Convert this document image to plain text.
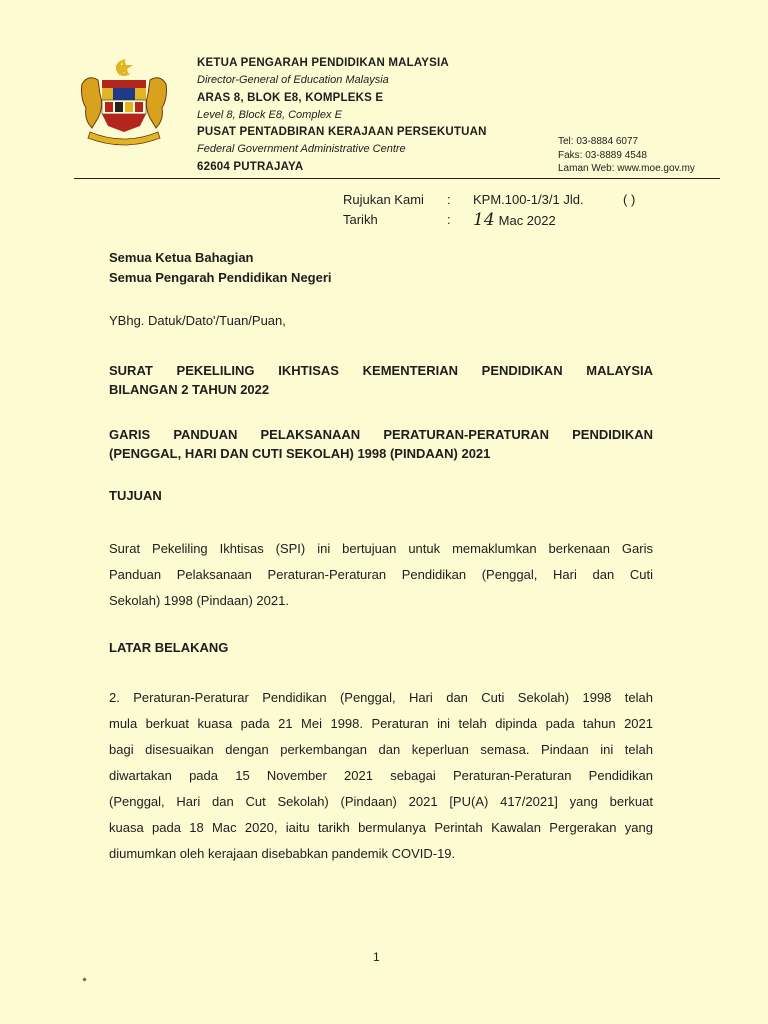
KETUA PENGARAH PENDIDIKAN MALAYSIA
Director-General of Education Malaysia
ARAS 8, BLOK E8, KOMPLEKS E
Level 8, Block E8, Complex E
PUSAT PENTADBIRAN KERAJAAN PERSEKUTUAN
Federal Government Administrative Centre
62604 PUTRAJAYA
Tel: 03-8884 6077
Faks: 03-8889 4548
Laman Web: www.moe.gov.my
Rujukan Kami : KPM.100-1/3/1 Jld.	( )
Tarikh	: 14 Mac 2022
Semua Ketua Bahagian
Semua Pengarah Pendidikan Negeri
YBhg. Datuk/Dato'/Tuan/Puan,
SURAT PEKELILING IKHTISAS KEMENTERIAN PENDIDIKAN MALAYSIA
BILANGAN 2 TAHUN 2022
GARIS PANDUAN PELAKSANAAN PERATURAN-PERATURAN PENDIDIKAN
(PENGGAL, HARI DAN CUTI SEKOLAH) 1998 (PINDAAN) 2021
TUJUAN
Surat Pekeliling Ikhtisas (SPI) ini bertujuan untuk memaklumkan berkenaan Garis
Panduan Pelaksanaan Peraturan-Peraturan Pendidikan (Penggal, Hari dan Cuti
Sekolah) 1998 (Pindaan) 2021.
LATAR BELAKANG
2. Peraturan-Peraturar Pendidikan (Penggal, Hari dan Cuti Sekolah) 1998 telah
mula berkuat kuasa pada 21 Mei 1998. Peraturan ini telah dipinda pada tahun 2021
bagi disesuaikan dengan perkembangan dan keperluan semasa. Pindaan ini telah
diwartakan pada 15 November 2021 sebagai Peraturan-Peraturan Pendidikan
(Penggal, Hari dan Cut Sekolah) (Pindaan) 2021 [PU(A) 417/2021] yang berkuat
kuasa pada 18 Mac 2020, iaitu tarikh bermulanya Perintah Kawalan Pergerakan yang
diumumkan oleh kerajaan disebabkan pandemik COVID-19.
1
